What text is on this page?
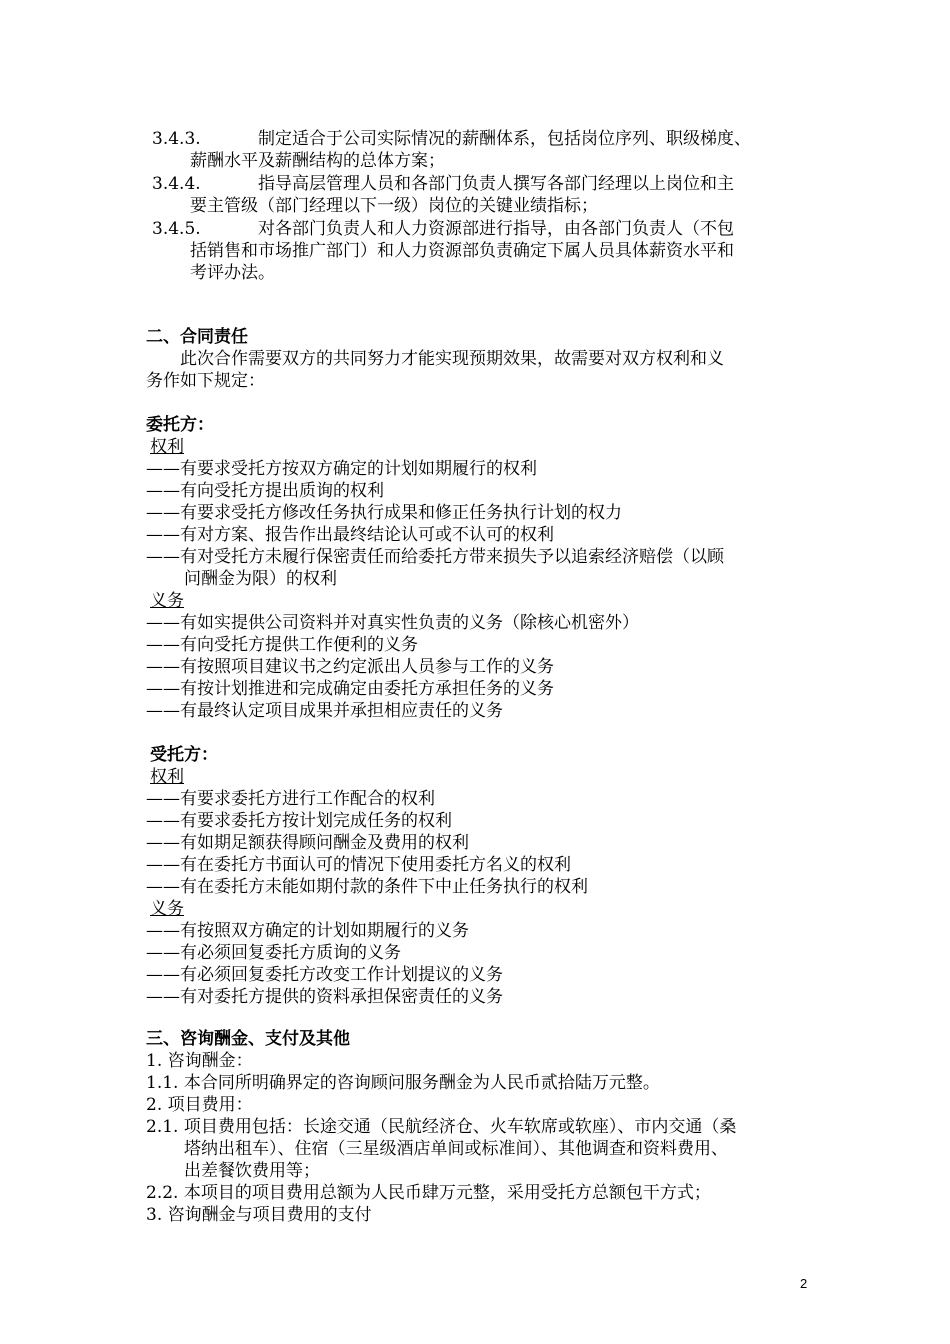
3.4.3.	制定适合于公司实际情况的薪酬体系，包括岗位序列、职级梯度、
薪酬水平及薪酬结构的总体方案；
3.4.4.	指导高层管理人员和各部门负责人撰写各部门经理以上岗位和主
要主管级（部门经理以下一级）岗位的关键业绩指标；
3.4.5.	对各部门负责人和人力资源部进行指导，由各部门负责人（不包
括销售和市场推广部门）和人力资源部负责确定下属人员具体薪资水平和
考评办法。
二、合同责任
此次合作需要双方的共同努力才能实现预期效果，故需要对双方权利和义
务作如下规定：
委托方：
权利
——有要求受托方按双方确定的计划如期履行的权利
——有向受托方提出质询的权利
——有要求受托方修改任务执行成果和修正任务执行计划的权力
——有对方案、报告作出最终结论认可或不认可的权利
——有对受托方未履行保密责任而给委托方带来损失予以追索经济赔偿（以顾
问酬金为限）的权利
义务
——有如实提供公司资料并对真实性负责的义务（除核心机密外）
——有向受托方提供工作便利的义务
——有按照项目建议书之约定派出人员参与工作的义务
——有按计划推进和完成确定由委托方承担任务的义务
——有最终认定项目成果并承担相应责任的义务
受托方：
权利
——有要求委托方进行工作配合的权利
——有要求委托方按计划完成任务的权利
——有如期足额获得顾问酬金及费用的权利
——有在委托方书面认可的情况下使用委托方名义的权利
——有在委托方未能如期付款的条件下中止任务执行的权利
义务
——有按照双方确定的计划如期履行的义务
——有必须回复委托方质询的义务
——有必须回复委托方改变工作计划提议的义务
——有对委托方提供的资料承担保密责任的义务
三、咨询酬金、支付及其他
1. 咨询酬金：
1.1. 本合同所明确界定的咨询顾问服务酬金为人民币贰拾陆万元整。
2. 项目费用：
2.1. 项目费用包括：长途交通（民航经济仓、火车软席或软座）、市内交通（桑
塔纳出租车）、住宿（三星级酒店单间或标准间）、其他调查和资料费用、
出差餐饮费用等；
2.2. 本项目的项目费用总额为人民币肆万元整，采用受托方总额包干方式；
3. 咨询酬金与项目费用的支付
2
